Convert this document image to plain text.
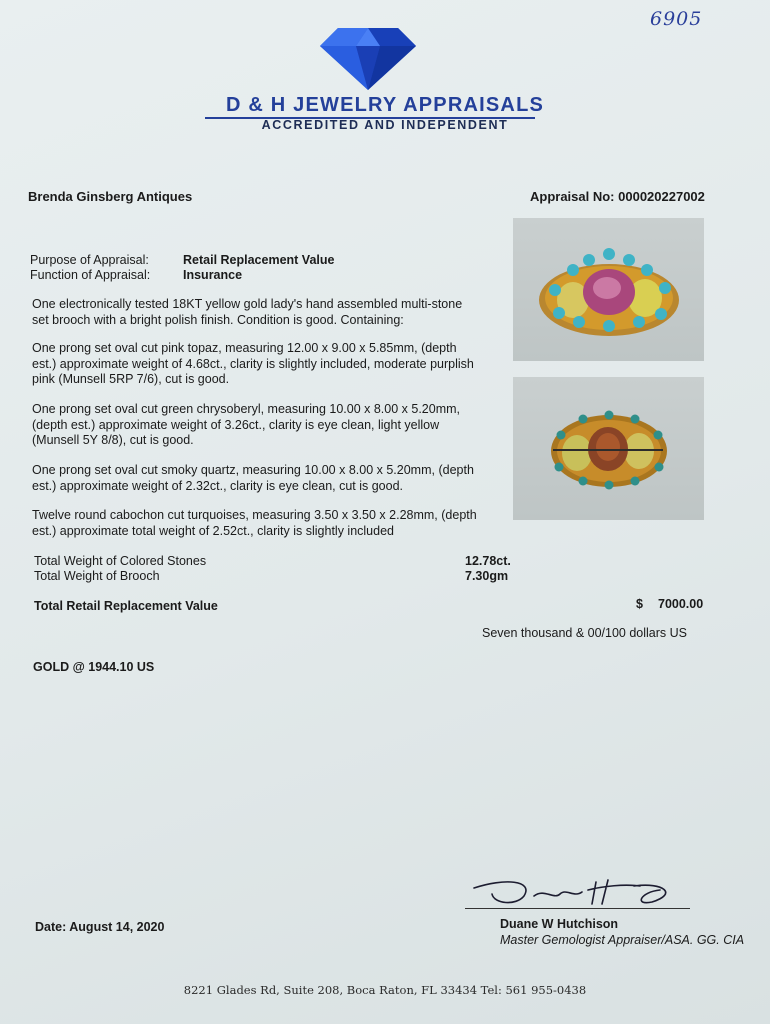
6905
D & H JEWELRY APPRAISALS
ACCREDITED AND INDEPENDENT
Brenda Ginsberg Antiques	Appraisal No: 000020227002
Purpose of Appraisal:	Retail Replacement Value
Function of Appraisal:	Insurance
One electronically tested 18KT yellow gold lady's hand assembled multi-stone set brooch with a bright polish finish. Condition is good. Containing:
One prong set oval cut pink topaz, measuring 12.00 x 9.00 x 5.85mm, (depth est.) approximate weight of 4.68ct., clarity is slightly included, moderate purplish pink (Munsell 5RP 7/6), cut is good.
One prong set oval cut green chrysoberyl, measuring 10.00 x 8.00 x 5.20mm, (depth est.) approximate weight of 3.26ct., clarity is eye clean, light yellow (Munsell 5Y 8/8), cut is good.
One prong set oval cut smoky quartz, measuring 10.00 x 8.00 x 5.20mm, (depth est.) approximate weight of 2.32ct., clarity is eye clean, cut is good.
Twelve round cabochon cut turquoises, measuring 3.50 x 3.50 x 2.28mm, (depth est.) approximate total weight of 2.52ct., clarity is slightly included
Total Weight of Colored Stones	12.78ct.
Total Weight of Brooch	7.30gm
Total Retail Replacement Value	$ 7000.00
Seven thousand & 00/100 dollars US
GOLD @ 1944.10 US
Date: August 14, 2020	Duane W Hutchison
Master Gemologist Appraiser/ASA. GG. CIA
8221 Glades Rd, Suite 208, Boca Raton, FL 33434 Tel: 561 955-0438
